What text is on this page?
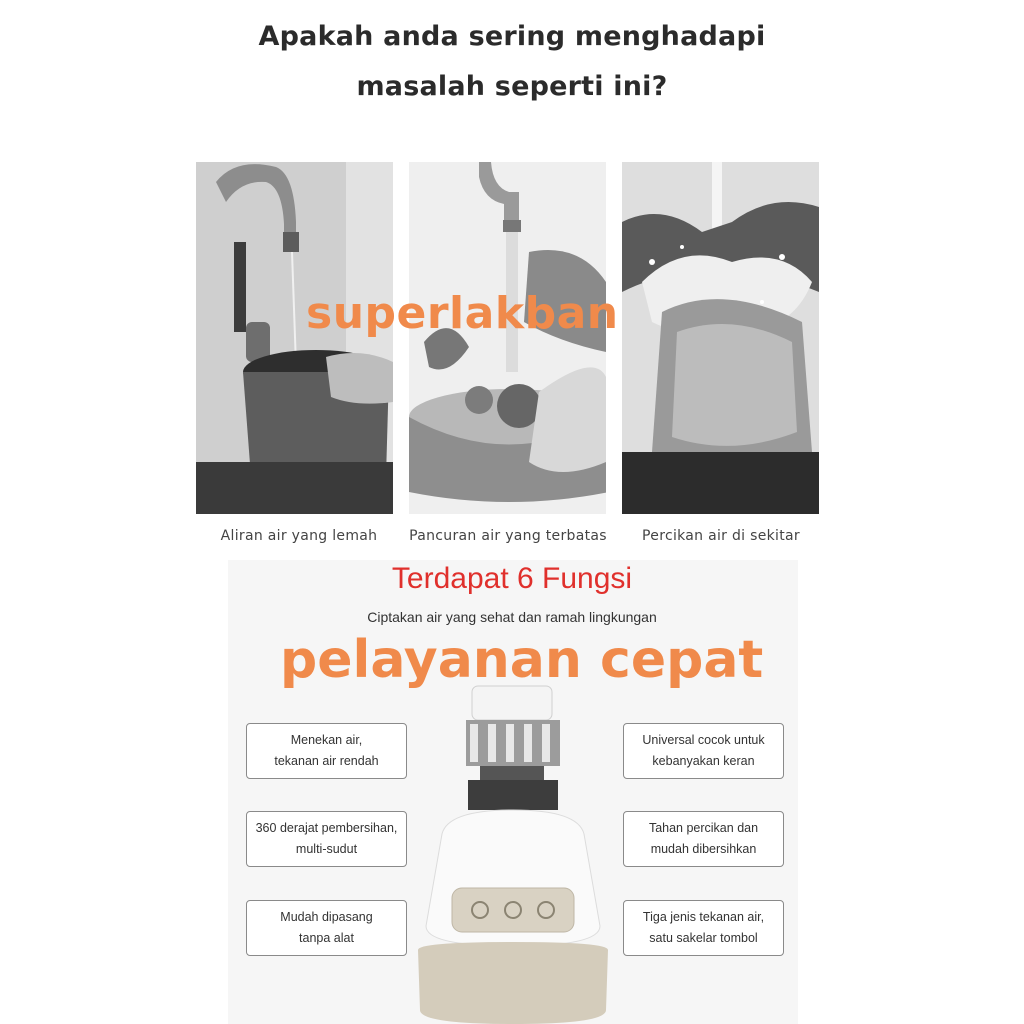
Apakah anda sering menghadapi
masalah seperti ini?
Aliran air yang lemah	Pancuran air yang terbatas	Percikan air di sekitar
Terdapat 6 Fungsi
Ciptakan air yang sehat dan ramah lingkungan
Menekan air,
tekanan air rendah
360 derajat pembersihan,
multi-sudut
Mudah dipasang
tanpa alat
Universal cocok untuk
kebanyakan keran
Tahan percikan dan
mudah dibersihkan
Tiga jenis tekanan air,
satu sakelar tombol
superlakban
pelayanan cepat
